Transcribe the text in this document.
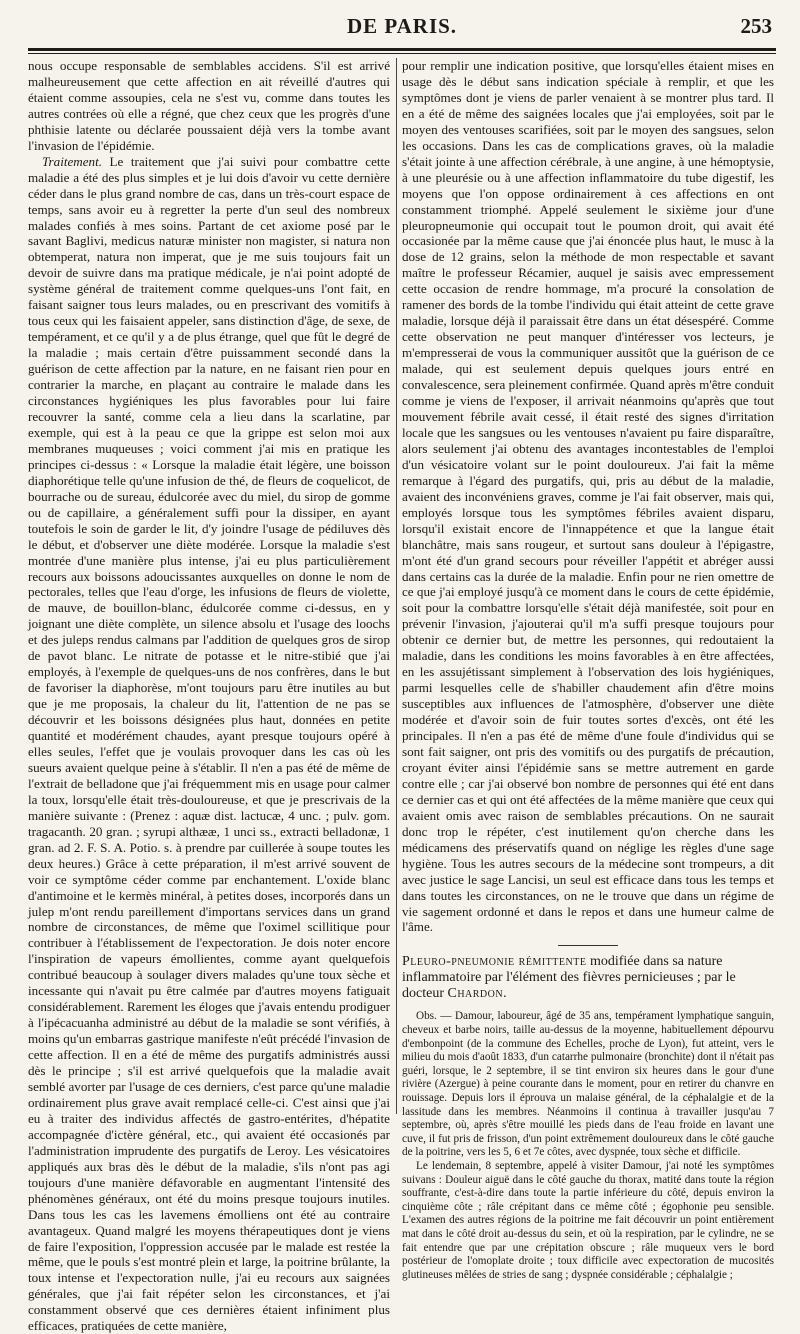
DE PARIS.	253

nous occupe responsable de semblables accidens. S'il est arrivé malheureusement que cette affection en ait réveillé d'autres qui étaient comme assoupies, cela ne s'est vu, comme dans toutes les autres contrées où elle a régné, que chez ceux que les progrès d'une phthisie latente ou déclarée poussaient déjà vers la tombe avant l'invasion de l'épidémie.

Traitement. Le traitement que j'ai suivi pour combattre cette maladie a été des plus simples et je lui dois d'avoir vu cette dernière céder dans le plus grand nombre de cas, dans un très-court espace de temps, sans avoir eu à regretter la perte d'un seul des nombreux malades confiés à mes soins. Partant de cet axiome posé par le savant Baglivi, medicus naturæ minister non magister, si natura non obtemperat, natura non imperat, que je me suis toujours fait un devoir de suivre dans ma pratique médicale, je n'ai point adopté de système général de traitement comme quelques-uns l'ont fait, en faisant saigner tous leurs malades, ou en prescrivant des vomitifs à tous ceux qui les faisaient appeler, sans distinction d'âge, de sexe, de tempérament, et ce qu'il y a de plus étrange, quel que fût le degré de la maladie ; mais certain d'être puissamment secondé dans la guérison de cette affection par la nature, en ne faisant rien pour en contrarier la marche, en plaçant au contraire le malade dans les circonstances hygiéniques les plus favorables pour lui faire recouvrer la santé, comme cela a lieu dans la scarlatine, par exemple, qui est à la peau ce que la grippe est selon moi aux membranes muqueuses ; voici comment j'ai mis en pratique les principes ci-dessus : « Lorsque la maladie était légère, une boisson diaphorétique telle qu'une infusion de thé, de fleurs de coquelicot, de bourrache ou de sureau, édulcorée avec du miel, du sirop de gomme ou de capillaire, a généralement suffi pour la dissiper, en ayant toutefois le soin de garder le lit, d'y joindre l'usage de pédiluves dès le début, et d'observer une diète modérée. Lorsque la maladie s'est montrée d'une manière plus intense, j'ai eu plus particulièrement recours aux boissons adoucissantes auxquelles on donne le nom de pectorales, telles que l'eau d'orge, les infusions de fleurs de violette, de mauve, de bouillon-blanc, édulcorée comme ci-dessus, en y joignant une diète complète, un silence absolu et l'usage des loochs et des juleps rendus calmans par l'addition de quelques gros de sirop de pavot blanc. Le nitrate de potasse et le nitre-stibié que j'ai employés, à l'exemple de quelques-uns de nos confrères, dans le but de favoriser la diaphorèse, m'ont toujours paru être inutiles au but que je me proposais, la chaleur du lit, l'attention de ne pas se découvrir et les boissons désignées plus haut, données en petite quantité et modérément chaudes, ayant presque toujours opéré à elles seules, l'effet que je voulais provoquer dans les cas où les sueurs avaient quelque peine à s'établir. Il n'en a pas été de même de l'extrait de belladone que j'ai fréquemment mis en usage pour calmer la toux, lorsqu'elle était très-douloureuse, et que je prescrivais de la manière suivante : (Prenez : aquæ dist. lactucæ, 4 unc. ; pulv. gom. tragacanth. 20 gran. ; syrupi althææ, 1 unci ss., extracti belladonæ, 1 gran. ad 2. F. S. A. Potio. s. à prendre par cuillerée à soupe toutes les deux heures.) Grâce à cette préparation, il m'est arrivé souvent de voir ce symptôme céder comme par enchantement. L'oxide blanc d'antimoine et le kermès minéral, à petites doses, incorporés dans un julep m'ont rendu pareillement d'importans services dans un grand nombre de circonstances, de même que l'oximel scillitique pour contribuer à l'établissement de l'expectoration. Je dois noter encore l'inspiration de vapeurs émollientes, comme ayant quelquefois contribué beaucoup à soulager divers malades qu'une toux sèche et incessante qui n'avait pu être calmée par d'autres moyens fatiguait considérablement. Rarement les éloges que j'avais entendu prodiguer à l'ipécacuanha administré au début de la maladie se sont vérifiés, à moins qu'un embarras gastrique manifeste n'eût précédé l'invasion de cette affection. Il en a été de même des purgatifs administrés aussi dès le principe ; s'il est arrivé quelquefois que la maladie avait semblé avorter par l'usage de ces derniers, c'est parce qu'une maladie ordinairement plus grave avait remplacé celle-ci. C'est ainsi que j'ai eu à traiter des individus affectés de gastro-entérites, d'hépatite accompagnée d'ictère général, etc., qui avaient été occasionés par l'administration imprudente des purgatifs de Leroy. Les vésicatoires appliqués aux bras dès le début de la maladie, s'ils n'ont pas agi toujours d'une manière défavorable en augmentant l'intensité des phénomènes généraux, ont été du moins presque toujours inutiles. Dans tous les cas les lavemens émolliens ont été au contraire avantageux. Quand malgré les moyens thérapeutiques dont je viens de faire l'exposition, l'oppression accusée par le malade est restée la même, que le pouls s'est montré plein et large, la poitrine brûlante, la toux intense et l'expectoration nulle, j'ai eu recours aux saignées générales, que j'ai fait répéter selon les circonstances, et j'ai constamment observé que ces dernières étaient infiniment plus efficaces, pratiquées de cette manière,

pour remplir une indication positive, que lorsqu'elles étaient mises en usage dès le début sans indication spéciale à remplir, et que les symptômes dont je viens de parler venaient à se montrer plus tard. Il en a été de même des saignées locales que j'ai employées, soit par le moyen des ventouses scarifiées, soit par le moyen des sangsues, selon les occasions. Dans les cas de complications graves, où la maladie s'était jointe à une affection cérébrale, à une angine, à une hémoptysie, à une pleurésie ou à une affection inflammatoire du tube digestif, les moyens que l'on oppose ordinairement à ces affections en ont constamment triomphé. Appelé seulement le sixième jour d'une pleuropneumonie qui occupait tout le poumon droit, qui avait été occasionée par la même cause que j'ai énoncée plus haut, le musc à la dose de 12 grains, selon la méthode de mon respectable et savant maître le professeur Récamier, auquel je saisis avec empressement cette occasion de rendre hommage, m'a procuré la consolation de ramener des bords de la tombe l'individu qui était atteint de cette grave maladie, lorsque déjà il paraissait être dans un état désespéré. Comme cette observation ne peut manquer d'intéresser vos lecteurs, je m'empresserai de vous la communiquer aussitôt que la guérison de ce malade, qui est seulement depuis quelques jours entré en convalescence, sera pleinement confirmée. Quand après m'être conduit comme je viens de l'exposer, il arrivait néanmoins qu'après que tout mouvement fébrile avait cessé, il était resté des signes d'irritation locale que les sangsues ou les ventouses n'avaient pu faire disparaître, alors seulement j'ai obtenu des avantages incontestables de l'emploi d'un vésicatoire volant sur le point douloureux. J'ai fait la même remarque à l'égard des purgatifs, qui, pris au début de la maladie, avaient des inconvéniens graves, comme je l'ai fait observer, mais qui, employés lorsque tous les symptômes fébriles avaient disparu, lorsqu'il existait encore de l'innappétence et que la langue était blanchâtre, mais sans rougeur, et surtout sans douleur à l'épigastre, m'ont été d'un grand secours pour réveiller l'appétit et abréger aussi dans certains cas la durée de la maladie. Enfin pour ne rien omettre de ce que j'ai employé jusqu'à ce moment dans le cours de cette épidémie, soit pour la combattre lorsqu'elle s'était déjà manifestée, soit pour en prévenir l'invasion, j'ajouterai qu'il m'a suffi presque toujours pour obtenir ce dernier but, de mettre les personnes, qui redoutaient la maladie, dans les conditions les moins favorables à en être affectées, en les assujétissant simplement à l'observation des lois hygiéniques, parmi lesquelles celle de s'habiller chaudement afin d'être moins susceptibles aux influences de l'atmosphère, d'observer une diète modérée et d'avoir soin de fuir toutes sortes d'excès, ont été les principales. Il n'en a pas été de même d'une foule d'individus qui se sont fait saigner, ont pris des vomitifs ou des purgatifs de précaution, croyant éviter ainsi l'épidémie sans se mettre autrement en garde contre elle ; car j'ai observé bon nombre de personnes qui été ent dans ce dernier cas et qui ont été affectées de la même manière que ceux qui avaient omis avec raison de semblables précautions. On ne saurait donc trop le répéter, c'est inutilement qu'on cherche dans les médicamens des préservatifs quand on néglige les règles d'une sage hygiène. Tous les autres secours de la médecine sont trompeurs, a dit avec justice le sage Lancisi, un seul est efficace dans tous les temps et dans toutes les circonstances, on ne le trouve que dans un régime de vie sagement ordonné et dans le repos et dans une humeur calme de l'âme.

Pleuro-pneumonie rémittente modifiée dans sa nature inflammatoire par l'élément des fièvres pernicieuses ; par le docteur Chardon.

Obs. — Damour, laboureur, âgé de 35 ans, tempérament lymphatique sanguin, cheveux et barbe noirs, taille au-dessus de la moyenne, habituellement dépourvu d'embonpoint (de la commune des Echelles, proche de Lyon), fut atteint, vers le milieu du mois d'août 1833, d'un catarrhe pulmonaire (bronchite) dont il n'était pas guéri, lorsque, le 2 septembre, il se tint environ six heures dans le gour d'une rivière (Azergue) à peine courante dans le moment, pour en retirer du chanvre en rouissage. Depuis lors il éprouva un malaise général, de la céphalalgie et de la lassitude dans les membres. Néanmoins il continua à travailler jusqu'au 7 septembre, où, après s'être mouillé les pieds dans de l'eau froide en lavant une cuve, il fut pris de frisson, d'un point extrêmement douloureux dans le côté gauche de la poitrine, vers les 5, 6 et 7e côtes, avec dyspnée, toux sèche et difficile.

Le lendemain, 8 septembre, appelé à visiter Damour, j'ai noté les symptômes suivans : Douleur aiguë dans le côté gauche du thorax, matité dans toute la région souffrante, c'est-à-dire dans toute la partie inférieure du côté, depuis environ la cinquième côte ; râle crépitant dans ce même côté ; égophonie peu sensible. L'examen des autres régions de la poitrine me fait découvrir un point entièrement mat dans le côté droit au-dessus du sein, et où la respiration, par le cylindre, ne se fait entendre que par une crépitation obscure ; râle muqueux vers le bord postérieur de l'omoplate droite ; toux difficile avec expectoration de mucosités glutineuses mêlées de stries de sang ; dyspnée considérable ; céphalalgie ;
